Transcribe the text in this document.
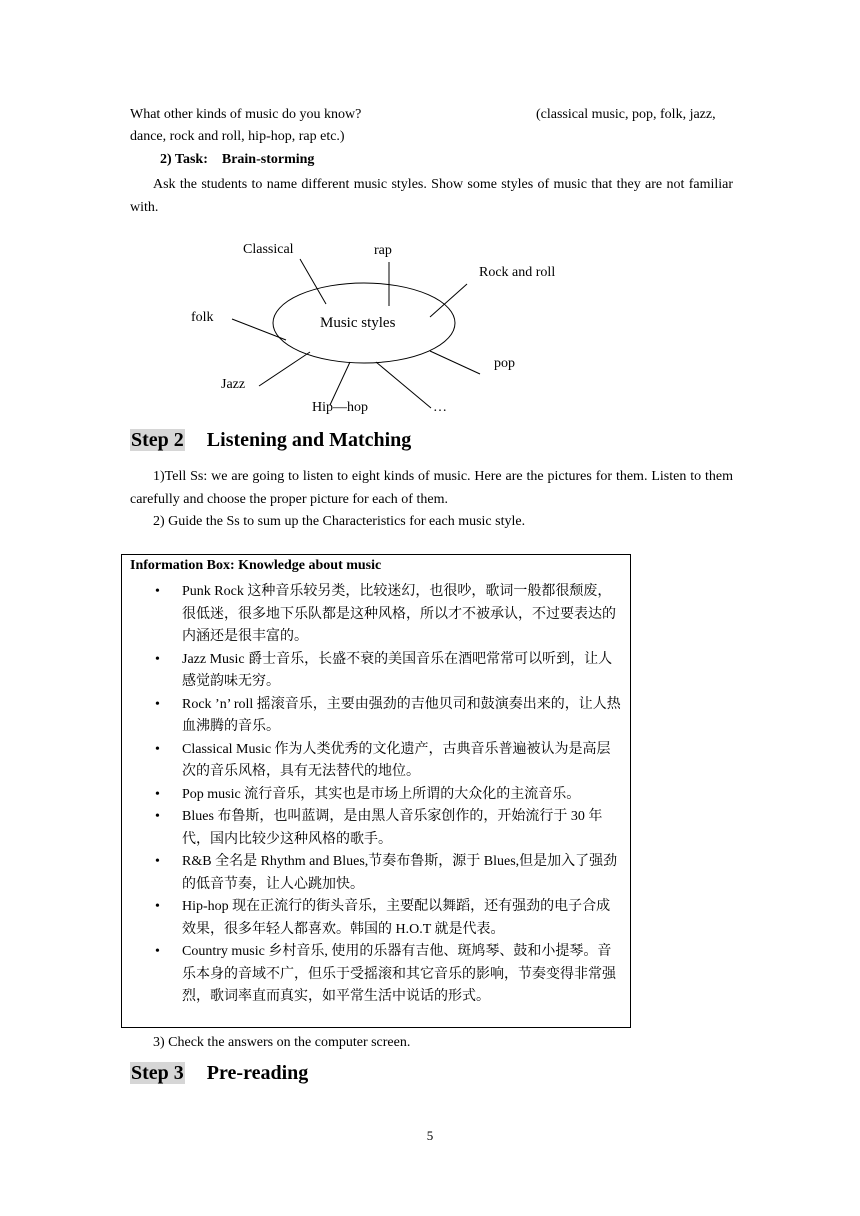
What other kinds of music do you know?	(classical music, pop, folk, jazz,
dance, rock and roll, hip-hop, rap etc.)
2) Task:    Brain-storming
Ask the students to name different music styles. Show some styles of music that they are not familiar with.
Music styles
Classical	rap
Rock and roll
folk
pop
Jazz
Hip—hop	…
Step 2 Listening and Matching
1)Tell Ss: we are going to listen to eight kinds of music. Here are the pictures for them. Listen to them carefully and choose the proper picture for each of them.
2) Guide the Ss to sum up the Characteristics for each music style.
Information Box: Knowledge about music
• Punk Rock 这种音乐较另类，比较迷幻，也很吵，歌词一般都很颓废，很低迷，很多地下乐队都是这种风格，所以才不被承认，不过要表达的内涵还是很丰富的。
• Jazz Music 爵士音乐，长盛不衰的美国音乐在酒吧常常可以听到，让人感觉韵味无穷。
• Rock ’n’ roll 摇滚音乐，主要由强劲的吉他贝司和鼓演奏出来的，让人热血沸腾的音乐。
• Classical Music 作为人类优秀的文化遗产，古典音乐普遍被认为是高层次的音乐风格，具有无法替代的地位。
• Pop music 流行音乐，其实也是市场上所谓的大众化的主流音乐。
• Blues 布鲁斯，也叫蓝调，是由黑人音乐家创作的，开始流行于 30 年代，国内比较少这种风格的歌手。
• R&B 全名是 Rhythm and Blues,节奏布鲁斯，源于 Blues,但是加入了强劲的低音节奏，让人心跳加快。
• Hip-hop 现在正流行的街头音乐，主要配以舞蹈，还有强劲的电子合成效果，很多年轻人都喜欢。韩国的 H.O.T 就是代表。
• Country music 乡村音乐, 使用的乐器有吉他、斑鸠琴、鼓和小提琴。音乐本身的音域不广，但乐于受摇滚和其它音乐的影响，节奏变得非常强烈，歌词率直而真实，如平常生活中说话的形式。
3) Check the answers on the computer screen.
Step 3 Pre-reading
5
